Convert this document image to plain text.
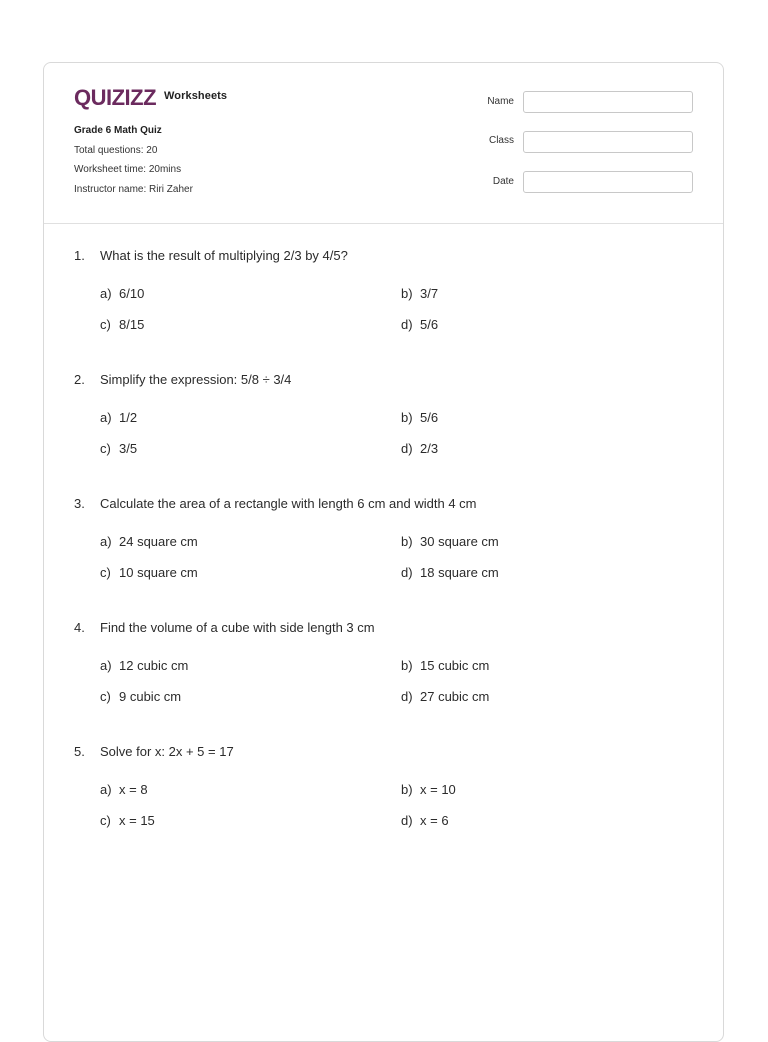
QUIZIZZ Worksheets
Grade 6 Math Quiz
Total questions: 20
Worksheet time: 20mins
Instructor name: Riri Zaher
Name
Class
Date
1. What is the result of multiplying 2/3 by 4/5?
a) 6/10	b) 3/7
c) 8/15	d) 5/6
2. Simplify the expression: 5/8 ÷ 3/4
a) 1/2	b) 5/6
c) 3/5	d) 2/3
3. Calculate the area of a rectangle with length 6 cm and width 4 cm
a) 24 square cm	b) 30 square cm
c) 10 square cm	d) 18 square cm
4. Find the volume of a cube with side length 3 cm
a) 12 cubic cm	b) 15 cubic cm
c) 9 cubic cm	d) 27 cubic cm
5. Solve for x: 2x + 5 = 17
a) x = 8	b) x = 10
c) x = 15	d) x = 6
